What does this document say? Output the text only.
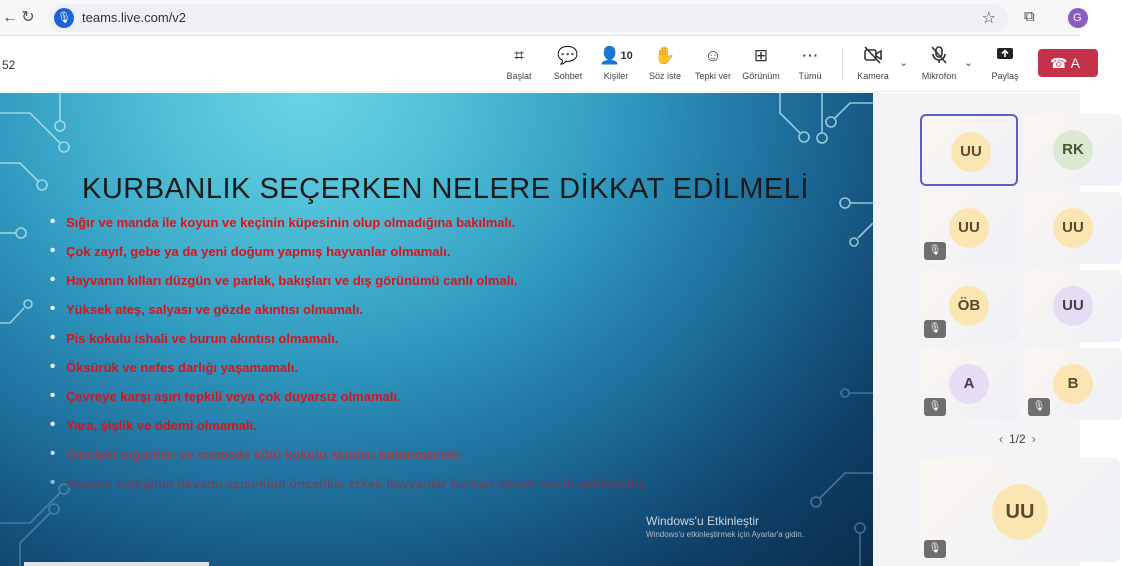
← ↻ 🎙 teams.live.com/v2	☆ ⧉	G
52	⌗
Başlat
💬
Sohbet
👤$^{10}$
Kişiler
✋
Söz iste
☺
Tepki ver
⊞
Görünüm
⋯
Tümü	Kamera
⌄
Mikrofon
⌄
Paylaş
☎ A
KURBANLIK SEÇERKEN NELERE DİKKAT EDİLMELİ
• Sığır ve manda ile koyun ve keçinin küpesinin olup olmadığına bakılmalı.
• Çok zayıf, gebe ya da yeni doğum yapmış hayvanlar olmamalı.
• Hayvanın kılları düzgün ve parlak, bakışları ve dış görünümü canlı olmalı.
• Yüksek ateş, salyası ve gözde akıntısı olmamalı.
• Pis kokulu ishali ve burun akıntısı olmamalı.
• Öksürük ve nefes darlığı yaşamamalı.
• Çevreye karşı aşırı tepkili veya çok duyarsız olmamalı.
• Yara, şişlik ve ödemi olmamalı.
• Cinsiyet organları ve memede kötü kokulu akıntısı bulunmamalı.
• Hayvan varlığının devamı açısından öncelikle erkek hayvanlar kurban olarak tercih edilmelidir.
Windows'u Etkinleştir
Windows'u etkinleştirmek için Ayarlar'a gidin.
UU	RK
UU
🎙
UU
ÖB
🎙
UU
A
🎙
B
🎙
‹ 1/2 ›
UU
🎙
